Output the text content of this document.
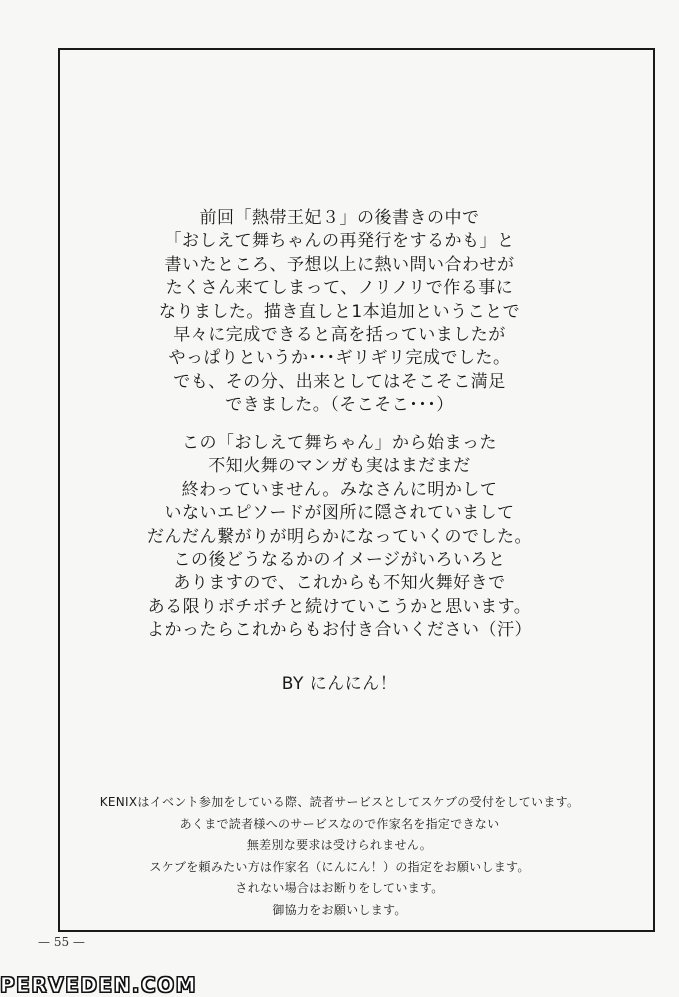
前回「熱帯王妃３」の後書きの中で

「おしえて舞ちゃんの再発行をするかも」と

書いたところ、予想以上に熱い問い合わせが

たくさん来てしまって、ノリノリで作る事に

なりました。描き直しと1本追加ということで

早々に完成できると高を括っていましたが

やっぱりというか･･･ギリギリ完成でした。

でも、その分、出来としてはそこそこ満足

できました。（そこそこ･･･）

この「おしえて舞ちゃん」から始まった

不知火舞のマンガも実はまだまだ

終わっていません。みなさんに明かして

いないエピソードが図所に隠されていまして

だんだん繋がりが明らかになっていくのでした。

この後どうなるかのイメージがいろいろと

ありますので、これからも不知火舞好きで

ある限りボチボチと続けていこうかと思います。

よかったらこれからもお付き合いください（汗）

BY にんにん！

KENIXはイベント参加をしている際、読者サービスとしてスケブの受付をしています。

あくまで読者様へのサービスなので作家名を指定できない

無差別な要求は受けられません。

スケブを頼みたい方は作家名（にんにん！）の指定をお願いします。

されない場合はお断りをしています。

御協力をお願いします。

— 55 —
PERVEDEN.COM
